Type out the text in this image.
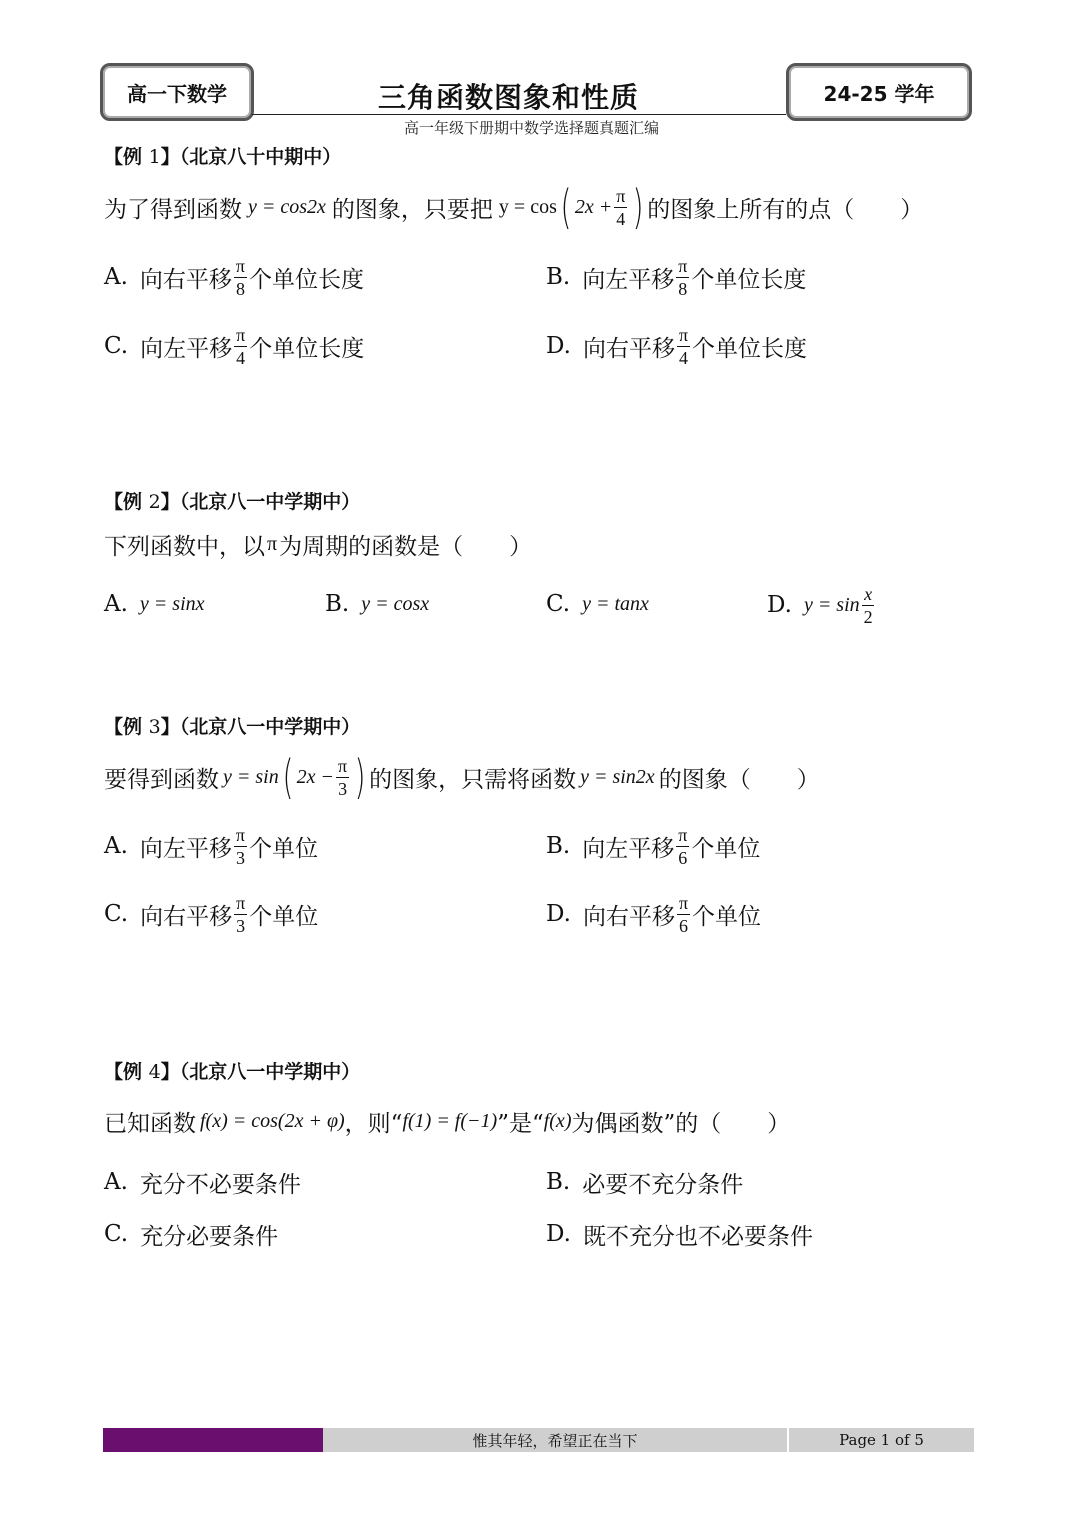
高一下数学	三角函数图象和性质
高一年级下册期中数学选择题真题汇编
24-25 学年
【例 1】（北京八十中期中）
为了得到函数 y = cos2x 的图象，只要把 y = cos ( $2x + \frac{\pi}{4}$ ) 的图象上所有的点（　　）
A. 向右平移 $\frac{\pi}{8}$ 个单位长度	B. 向左平移 $\frac{\pi}{8}$ 个单位长度
C. 向左平移 $\frac{\pi}{4}$ 个单位长度	D. 向右平移 $\frac{\pi}{4}$ 个单位长度
【例 2】（北京八一中学期中）
下列函数中，以 π 为周期的函数是（　　）
A. y = sinx	B. y = cosx	C. y = tanx	D. $y = \sin \frac{x}{2}$
【例 3】（北京八一中学期中）
要得到函数 y = sin ( $2x - \frac{\pi}{3}$ ) 的图象，只需将函数 y = sin2x 的图象（　　）
A. 向左平移 $\frac{\pi}{3}$ 个单位	B. 向左平移 $\frac{\pi}{6}$ 个单位
C. 向右平移 $\frac{\pi}{3}$ 个单位	D. 向右平移 $\frac{\pi}{6}$ 个单位
【例 4】（北京八一中学期中）
已知函数 f(x) = cos(2x + φ) ，则“ f(1) = f(−1) ”是“ f(x) 为偶函数”的（　　）
A. 充分不必要条件	B. 必要不充分条件
C. 充分必要条件	D. 既不充分也不必要条件
惟其年轻，希望正在当下	Page 1 of 5
